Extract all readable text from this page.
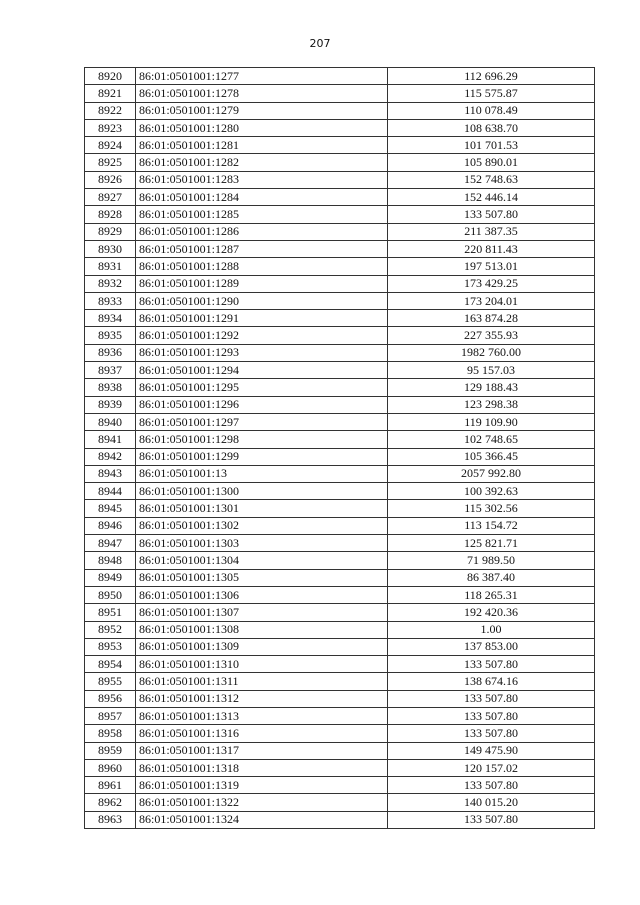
207
8920	86:01:0501001:1277	112 696.29
8921	86:01:0501001:1278	115 575.87
8922	86:01:0501001:1279	110 078.49
8923	86:01:0501001:1280	108 638.70
8924	86:01:0501001:1281	101 701.53
8925	86:01:0501001:1282	105 890.01
8926	86:01:0501001:1283	152 748.63
8927	86:01:0501001:1284	152 446.14
8928	86:01:0501001:1285	133 507.80
8929	86:01:0501001:1286	211 387.35
8930	86:01:0501001:1287	220 811.43
8931	86:01:0501001:1288	197 513.01
8932	86:01:0501001:1289	173 429.25
8933	86:01:0501001:1290	173 204.01
8934	86:01:0501001:1291	163 874.28
8935	86:01:0501001:1292	227 355.93
8936	86:01:0501001:1293	1982 760.00
8937	86:01:0501001:1294	95 157.03
8938	86:01:0501001:1295	129 188.43
8939	86:01:0501001:1296	123 298.38
8940	86:01:0501001:1297	119 109.90
8941	86:01:0501001:1298	102 748.65
8942	86:01:0501001:1299	105 366.45
8943	86:01:0501001:13	2057 992.80
8944	86:01:0501001:1300	100 392.63
8945	86:01:0501001:1301	115 302.56
8946	86:01:0501001:1302	113 154.72
8947	86:01:0501001:1303	125 821.71
8948	86:01:0501001:1304	71 989.50
8949	86:01:0501001:1305	86 387.40
8950	86:01:0501001:1306	118 265.31
8951	86:01:0501001:1307	192 420.36
8952	86:01:0501001:1308	1.00
8953	86:01:0501001:1309	137 853.00
8954	86:01:0501001:1310	133 507.80
8955	86:01:0501001:1311	138 674.16
8956	86:01:0501001:1312	133 507.80
8957	86:01:0501001:1313	133 507.80
8958	86:01:0501001:1316	133 507.80
8959	86:01:0501001:1317	149 475.90
8960	86:01:0501001:1318	120 157.02
8961	86:01:0501001:1319	133 507.80
8962	86:01:0501001:1322	140 015.20
8963	86:01:0501001:1324	133 507.80
